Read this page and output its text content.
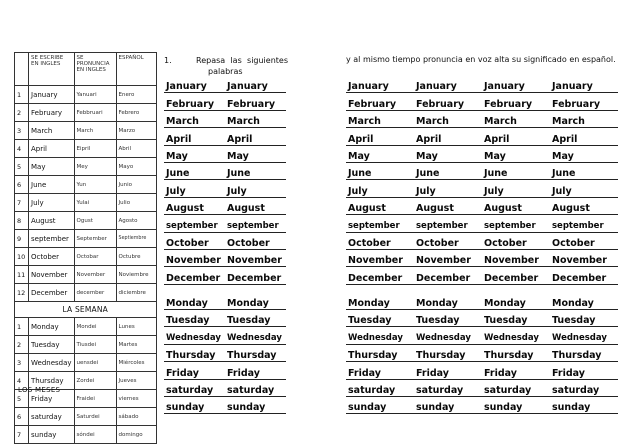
	SE ESCRIBE EN INGLES	SE PRONUNCIA EN INGLES	ESPAÑOL
1	January	Yanuari	Enero
2	February	Febbruari	Febrero
3	March	March	Marzo
4	April	Eipril	Abril
5	May	Mey	Mayo
6	June	Yun	Junio
7	July	Yulai	Julio
8	August	Ogust	Agosto
9	september	September	Septiembre
10	October	Octobar	Octubre
11	November	November	Noviembre
12	December	december	diciembre
LA SEMANA			
1	Monday	Mondei	Lunes
2	Tuesday	Tiusdei	Martes
3	Wednesday	uensdei	Miércoles
4	Thursday	Zordei	Jueves
5	Friday	Fraidei	viernes
6	saturday	Saturdei	sábado
7	sunday	sóndei	domingo
LOS MESES
1.	Repasa las siguientes
palabras
y al mismo tiempo pronuncia en voz alta su significado en español.
January	January
February	February
March	March
April	April
May	May
June	June
July	July
August	August
september	september
October	October
November	November
December	December

Monday	Monday
Tuesday	Tuesday
Wednesday	Wednesday
Thursday	Thursday
Friday	Friday
saturday	saturday
sunday	sunday
January	January	January	January
February	February	February	February
March	March	March	March
April	April	April	April
May	May	May	May
June	June	June	June
July	July	July	July
August	August	August	August
september	september	september	september
October	October	October	October
November	November	November	November
December	December	December	December

Monday	Monday	Monday	Monday
Tuesday	Tuesday	Tuesday	Tuesday
Wednesday	Wednesday	Wednesday	Wednesday
Thursday	Thursday	Thursday	Thursday
Friday	Friday	Friday	Friday
saturday	saturday	saturday	saturday
sunday	sunday	sunday	sunday
